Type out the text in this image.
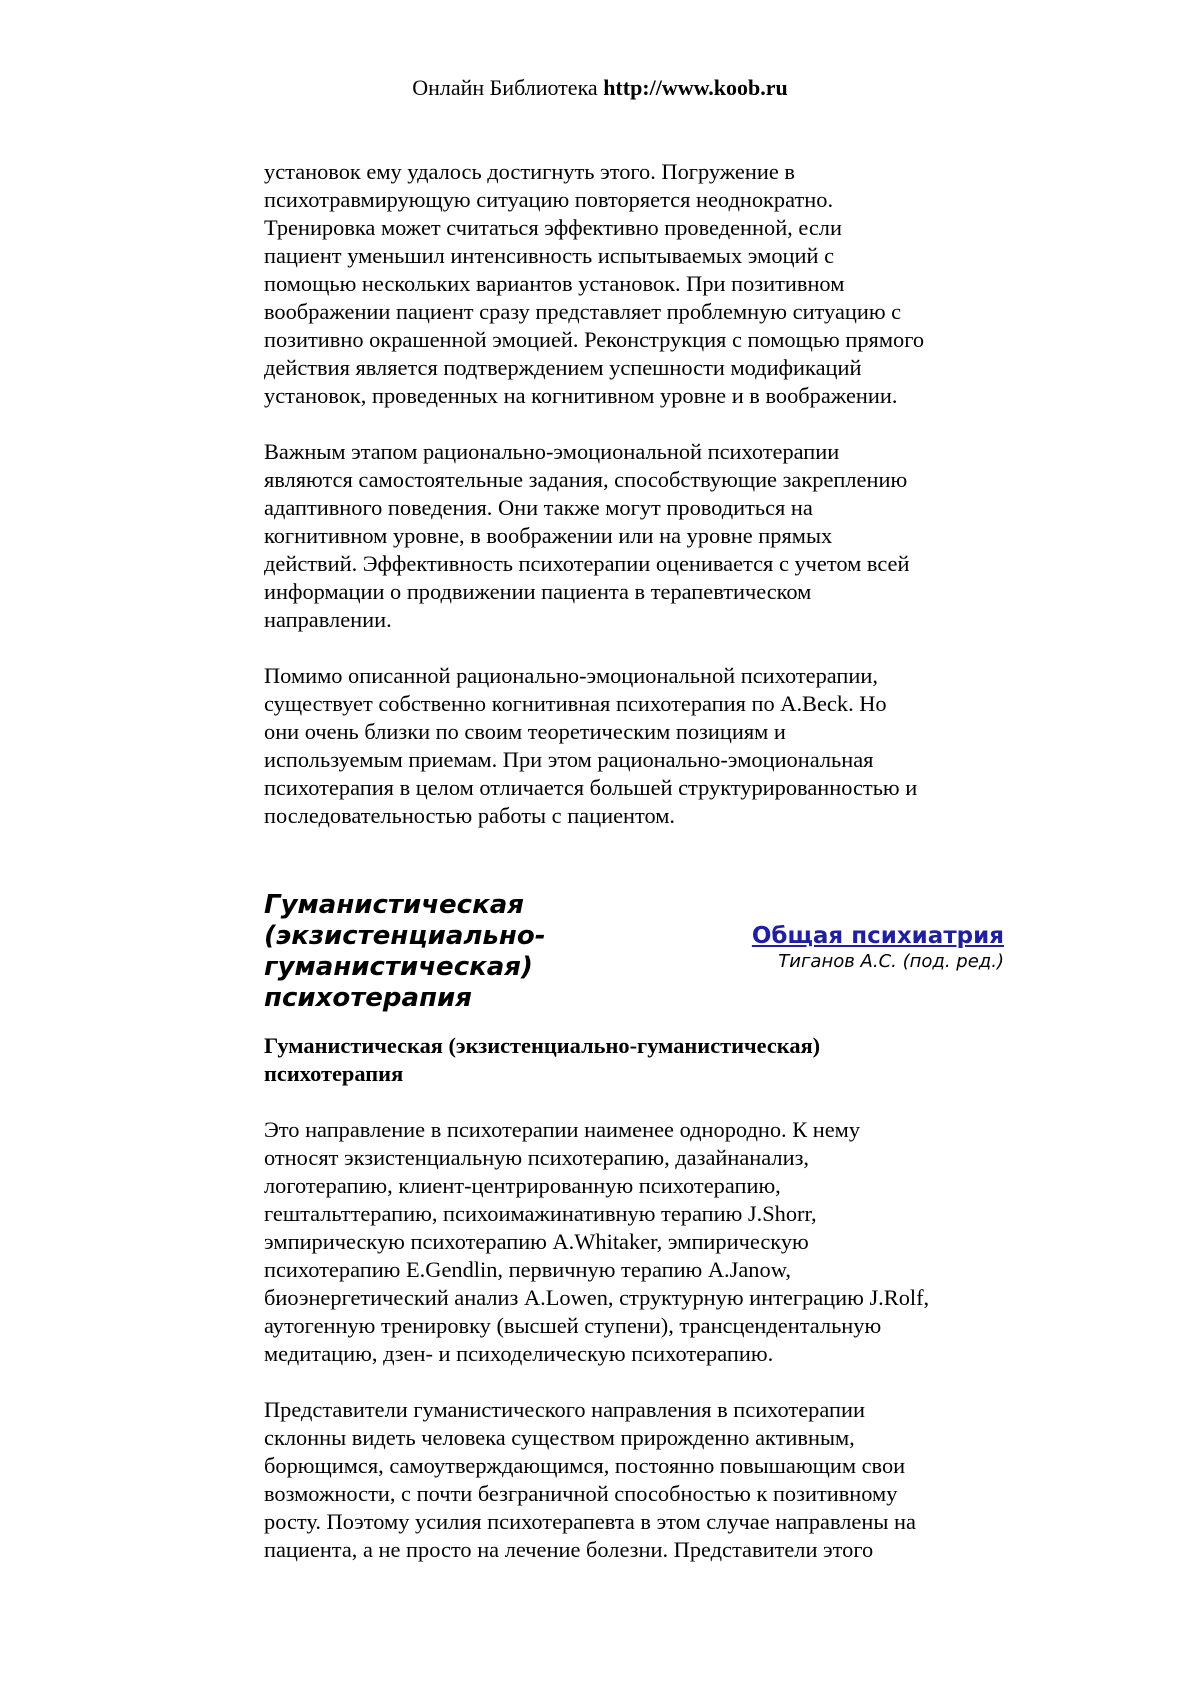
Онлайн Библиотека http://www.koob.ru

установок ему удалось достигнуть этого. Погружение в
психотравмирующую ситуацию повторяется неоднократно.
Тренировка может считаться эффективно проведенной, если
пациент уменьшил интенсивность испытываемых эмоций с
помощью нескольких вариантов установок. При позитивном
воображении пациент сразу представляет проблемную ситуацию с
позитивно окрашенной эмоцией. Реконструкция с помощью прямого
действия является подтверждением успешности модификаций
установок, проведенных на когнитивном уровне и в воображении.

Важным этапом рационально-эмоциональной психотерапии
являются самостоятельные задания, способствующие закреплению
адаптивного поведения. Они также могут проводиться на
когнитивном уровне, в воображении или на уровне прямых
действий. Эффективность психотерапии оценивается с учетом всей
информации о продвижении пациента в терапевтическом
направлении.

Помимо описанной рационально-эмоциональной психотерапии,
существует собственно когнитивная психотерапия по A.Beck. Но
они очень близки по своим теоретическим позициям и
используемым приемам. При этом рационально-эмоциональная
психотерапия в целом отличается большей структурированностью и
последовательностью работы с пациентом.

Гуманистическая
(экзистенциально-
гуманистическая)
психотерапия
Общая психиатрия
Тиганов А.С. (под. ред.)

Гуманистическая (экзистенциально-гуманистическая)
психотерапия

Это направление в психотерапии наименее однородно. К нему
относят экзистенциальную психотерапию, дазайнанализ,
логотерапию, клиент-центрированную психотерапию,
гештальттерапию, психоимажинативную терапию J.Shorr,
эмпирическую психотерапию A.Whitaker, эмпирическую
психотерапию E.Gendlin, первичную терапию A.Janow,
биоэнергетический анализ A.Lowen, структурную интеграцию J.Rolf,
аутогенную тренировку (высшей ступени), трансцендентальную
медитацию, дзен- и психоделическую психотерапию.

Представители гуманистического направления в психотерапии
склонны видеть человека существом прирожденно активным,
борющимся, самоутверждающимся, постоянно повышающим свои
возможности, с почти безграничной способностью к позитивному
росту. Поэтому усилия психотерапевта в этом случае направлены на
пациента, а не просто на лечение болезни. Представители этого
